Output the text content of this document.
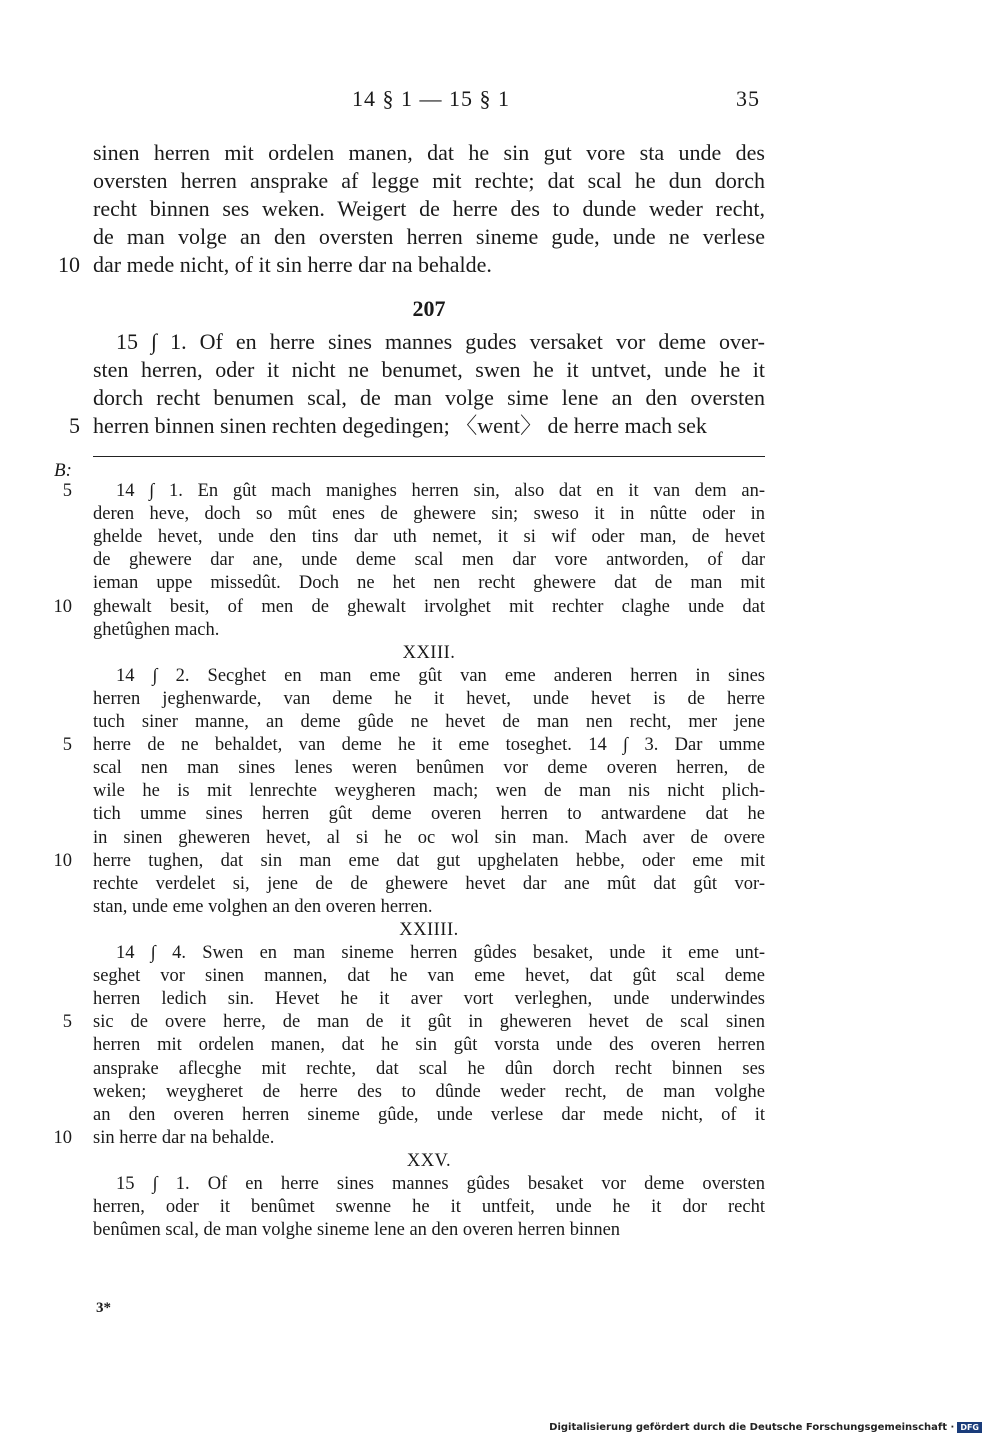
14 § 1 — 15 § 1	35
sinen herren mit ordelen manen, dat he sin gut vore sta unde des
oversten herren ansprake af legge mit rechte; dat scal he dun dorch
recht binnen ses weken. Weigert de herre des to dunde weder recht,
de man volge an den oversten herren sineme gude, unde ne verlese
dar mede nicht, of it sin herre dar na behalde.
10
207
15 ∫ 1. Of en herre sines mannes gudes versaket vor deme over-
sten herren, oder it nicht ne benumet, swen he it untvet, unde he it
dorch recht benumen scal, de man volge sime lene an den oversten
herren binnen sinen rechten degedingen; 〈went〉 de herre mach sek
5
B:
14 ∫ 1. En gût mach manighes herren sin, also dat en it van dem an-
5
deren heve, doch so mût enes de ghewere sin; sweso it in nûtte oder in
ghelde hevet, unde den tins dar uth nemet, it si wif oder man, de hevet
de ghewere dar ane, unde deme scal men dar vore antworden, of dar
ieman uppe missedût. Doch ne het nen recht ghewere dat de man mit
ghewalt besit, of men de ghewalt irvolghet mit rechter claghe unde dat
10
ghetûghen mach.
XXIII.
14 ∫ 2. Secghet en man eme gût van eme anderen herren in sines
herren jeghenwarde, van deme he it hevet, unde hevet is de herre
tuch siner manne, an deme gûde ne hevet de man nen recht, mer jene
herre de ne behaldet, van deme he it eme toseghet. 14 ∫ 3. Dar umme
5
scal nen man sines lenes weren benûmen vor deme overen herren, de
wile he is mit lenrechte weygheren mach; wen de man nis nicht plich-
tich umme sines herren gût deme overen herren to antwardene dat he
in sinen gheweren hevet, al si he oc wol sin man. Mach aver de overe
herre tughen, dat sin man eme dat gut upghelaten hebbe, oder eme mit
10
rechte verdelet si, jene de de ghewere hevet dar ane mût dat gût vor-
stan, unde eme volghen an den overen herren.
XXIIII.
14 ∫ 4. Swen en man sineme herren gûdes besaket, unde it eme unt-
seghet vor sinen mannen, dat he van eme hevet, dat gût scal deme
herren ledich sin. Hevet he it aver vort verleghen, unde underwindes
sic de overe herre, de man de it gût in gheweren hevet de scal sinen
5
herren mit ordelen manen, dat he sin gût vorsta unde des overen herren
ansprake aflecghe mit rechte, dat scal he dûn dorch recht binnen ses
weken; weygheret de herre des to dûnde weder recht, de man volghe
an den overen herren sineme gûde, unde verlese dar mede nicht, of it
sin herre dar na behalde.
10
XXV.
15 ∫ 1. Of en herre sines mannes gûdes besaket vor deme oversten
herren, oder it benûmet swenne he it untfeit, unde he it dor recht
benûmen scal, de man volghe sineme lene an den overen herren binnen
3*
Digitalisierung gefördert durch die Deutsche Forschungsgemeinschaft · DFG
